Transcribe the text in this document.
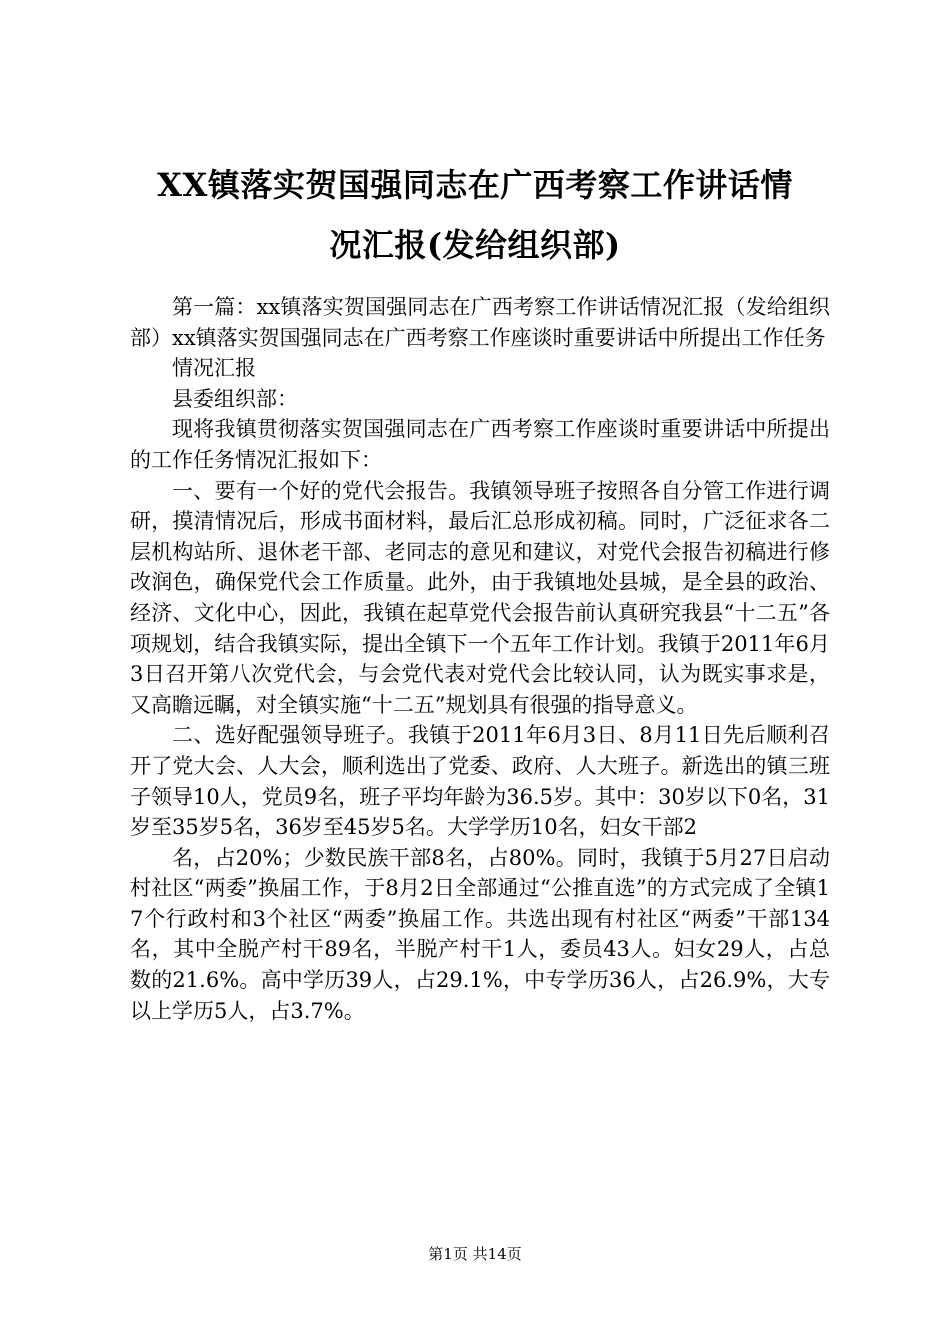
XX镇落实贺国强同志在广西考察工作讲话情
况汇报(发给组织部)

第一篇：xx镇落实贺国强同志在广西考察工作讲话情况汇报（发给组织部）xx镇落实贺国强同志在广西考察工作座谈时重要讲话中所提出工作任务

情况汇报

县委组织部：

现将我镇贯彻落实贺国强同志在广西考察工作座谈时重要讲话中所提出的工作任务情况汇报如下：

一、要有一个好的党代会报告。我镇领导班子按照各自分管工作进行调研，摸清情况后，形成书面材料，最后汇总形成初稿。同时，广泛征求各二层机构站所、退休老干部、老同志的意见和建议，对党代会报告初稿进行修改润色，确保党代会工作质量。此外，由于我镇地处县城，是全县的政治、经济、文化中心，因此，我镇在起草党代会报告前认真研究我县“十二五”各项规划，结合我镇实际，提出全镇下一个五年工作计划。我镇于2011年6月3日召开第八次党代会，与会党代表对党代会比较认同，认为既实事求是，又高瞻远瞩，对全镇实施“十二五”规划具有很强的指导意义。

二、选好配强领导班子。我镇于2011年6月3日、8月11日先后顺利召开了党大会、人大会，顺利选出了党委、政府、人大班子。新选出的镇三班子领导10人，党员9名，班子平均年龄为36.5岁。其中：30岁以下0名，31岁至35岁5名，36岁至45岁5名。大学学历10名，妇女干部2

名，占20%；少数民族干部8名，占80%。同时，我镇于5月27日启动村社区“两委”换届工作，于8月2日全部通过“公推直选”的方式完成了全镇17个行政村和3个社区“两委”换届工作。共选出现有村社区“两委”干部134名，其中全脱产村干89名，半脱产村干1人，委员43人。妇女29人，占总数的21.6%。高中学历39人，占29.1%，中专学历36人，占26.9%，大专以上学历5人，占3.7%。

第1页 共14页
